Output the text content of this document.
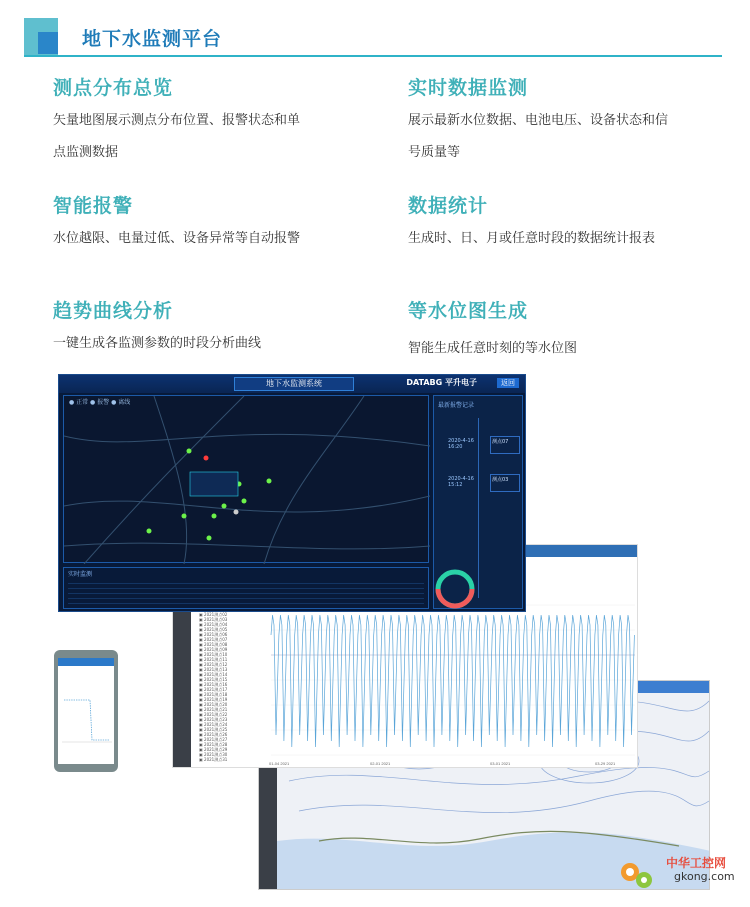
地下水监测平台
测点分布总览
矢量地图展示测点分布位置、报警状态和单
点监测数据
实时数据监测
展示最新水位数据、电池电压、设备状态和信
号质量等
智能报警
水位越限、电量过低、设备异常等自动报警
数据统计
生成时、日、月或任意时段的数据统计报表
趋势曲线分析
一键生成各监测参数的时段分析曲线
等水位图生成
智能生成任意时刻的等水位图

▣ 2021测点02
▣ 2021测点03
▣ 2021测点04
▣ 2021测点05
▣ 2021测点06
▣ 2021测点07
▣ 2021测点08
▣ 2021测点09
▣ 2021测点10
▣ 2021测点11
▣ 2021测点12
▣ 2021测点13
▣ 2021测点14
▣ 2021测点15
▣ 2021测点16
▣ 2021测点17
▣ 2021测点18
▣ 2021测点19
▣ 2021测点20
▣ 2021测点21
▣ 2021测点22
▣ 2021测点23
▣ 2021测点24
▣ 2021测点25
▣ 2021测点26
▣ 2021测点27
▣ 2021测点28
▣ 2021测点29
▣ 2021测点30
▣ 2021测点31
01-04 2021	02-01 2021	03-01 2021	03-29 2021
地下水监测系统	DATABG 平升电子	返回
● 正常 ● 报警 ● 离线	最新报警记录
2020-4-16
16:20
测点07
2020-4-16
15:12
测点03
实时监测
中华工控网
gkong.com
